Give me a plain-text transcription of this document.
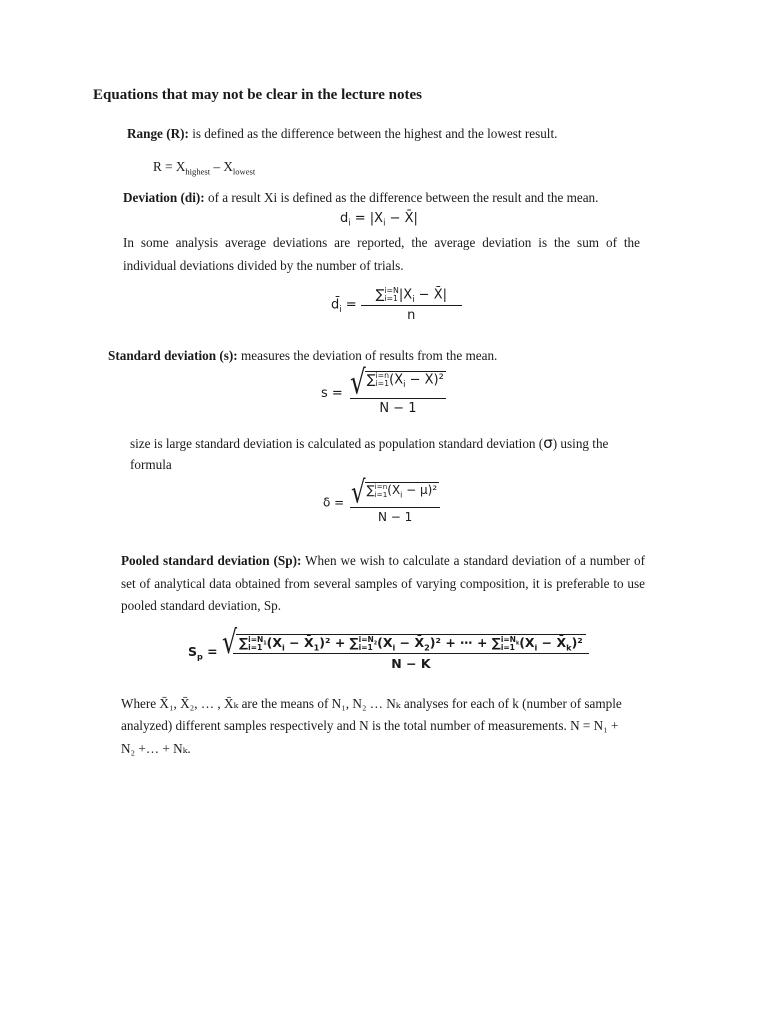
Equations that may not be clear in the lecture notes
Range (R): is defined as the difference between the highest and the lowest result.
$R = X_{highest} - X_{lowest}$
Deviation (di): of a result Xi is defined as the difference between the result and the mean.
$d_i = |X_i$ − X̄|
In some analysis average deviations are reported, the average deviation is the sum of the individual deviations divided by the number of trials.
$d̄_i$ = ∑ i=N
i=1 $|X_i$ − X̄|
n
Standard deviation (s): measures the deviation of results from the mean.
s = √ ∑ i=n
i=1 ($X_i$ − X̄)²
N − 1
size is large standard deviation is calculated as population standard deviation (σ) using the
formula
δ = √ ∑ i=n
i=1 $(X_i - \mu)^2$
N − 1
Pooled standard deviation (Sp): When we wish to calculate a standard deviation of a number of set of analytical data obtained from several samples of varying composition, it is preferable to use pooled standard deviation, Sp.
$S_p$ = √ ∑ $i=N_1$
i=1 ($X_i$ − $X̄_1)^2$ + ∑ $i=N_2$
i=1 ($X_i$ − $X̄_2)^2$ + ⋯ + ∑ $i=N_k$
i=1 ($X_i$ − $X̄_k)^2$
N − K
Where X̄₁, X̄₂, … , X̄ₖ are the means of N₁, N₂ … Nₖ analyses for each of k (number of sample
analyzed) different samples respectively and N is the total number of measurements. N = N₁ +
N₂ +… + Nₖ.
